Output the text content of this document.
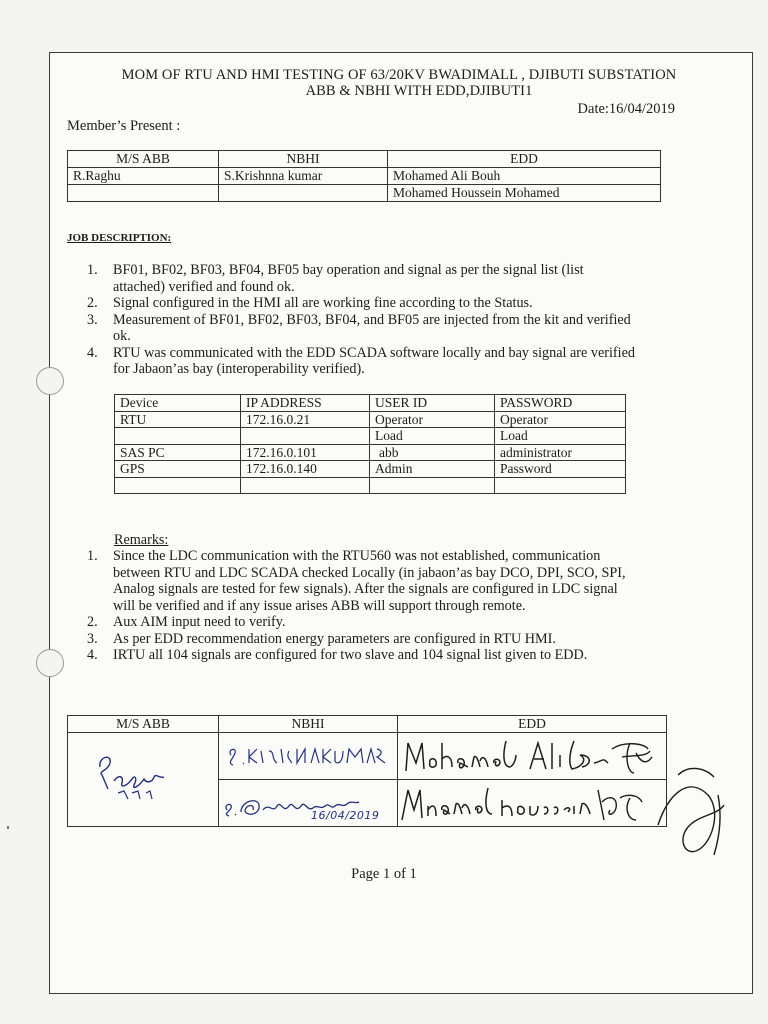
MOM OF RTU AND HMI TESTING OF 63/20KV BWADIMALL , DJIBUTI SUBSTATION
ABB & NBHI WITH EDD,DJIBUTI1
Date:16/04/2019
Member’s Present :
M/S ABB	NBHI	EDD
R.Raghu	S.Krishnna kumar	Mohamed Ali Bouh
		Mohamed Houssein Mohamed
JOB DESCRIPTION:
1. BF01, BF02, BF03, BF04, BF05 bay operation and signal as per the signal list (list attached) verified and found ok.
2. Signal configured in the HMI all are working fine according to the Status.
3. Measurement of BF01, BF02, BF03, BF04, and BF05 are injected from the kit and verified ok.
4. RTU was communicated with the EDD SCADA software locally and bay signal are verified for Jabaon’as bay (interoperability verified).
Device	IP ADDRESS	USER ID	PASSWORD
RTU	172.16.0.21	Operator	Operator
		Load	Load
SAS PC	172.16.0.101	abb	administrator
GPS	172.16.0.140	Admin	Password

Remarks:
1. Since the LDC communication with the RTU560 was not established, communication between RTU and LDC SCADA checked Locally (in jabaon’as bay DCO, DPI, SCO, SPI, Analog signals are tested for few signals). After the signals are configured in LDC signal will be verified and if any issue arises ABB will support through remote.
2. Aux AIM input need to verify.
3. As per EDD recommendation energy parameters are configured in RTU HMI.
4. IRTU all 104 signals are configured for two slave and 104 signal list given to EDD.
M/S ABB	NBHI	EDD

	16/04/2019

Page 1 of 1
